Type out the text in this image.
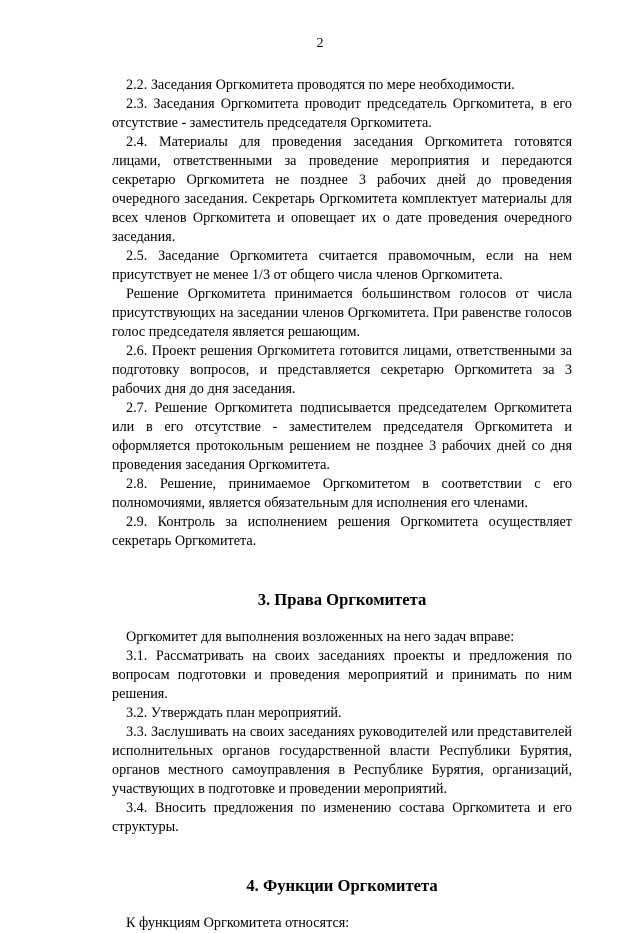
2

2.2. Заседания Оргкомитета проводятся по мере необходимости.

2.3. Заседания Оргкомитета проводит председатель Оргкомитета, в его отсутствие - заместитель председателя Оргкомитета.

2.4. Материалы для проведения заседания Оргкомитета готовятся лицами, ответственными за проведение мероприятия и передаются секретарю Оргкомитета не позднее 3 рабочих дней до проведения очередного заседания. Секретарь Оргкомитета комплектует материалы для всех членов Оргкомитета и оповещает их о дате проведения очередного заседания.

2.5. Заседание Оргкомитета считается правомочным, если на нем присутствует не менее 1/3 от общего числа членов Оргкомитета.

Решение Оргкомитета принимается большинством голосов от числа присутствующих на заседании членов Оргкомитета. При равенстве голосов голос председателя является решающим.

2.6. Проект решения Оргкомитета готовится лицами, ответственными за подготовку вопросов, и представляется секретарю Оргкомитета за 3 рабочих дня до дня заседания.

2.7. Решение Оргкомитета подписывается председателем Оргкомитета или в его отсутствие - заместителем председателя Оргкомитета и оформляется протокольным решением не позднее 3 рабочих дней со дня проведения заседания Оргкомитета.

2.8. Решение, принимаемое Оргкомитетом в соответствии с его полномочиями, является обязательным для исполнения его членами.

2.9. Контроль за исполнением решения Оргкомитета осуществляет секретарь Оргкомитета.

3. Права Оргкомитета

Оргкомитет для выполнения возложенных на него задач вправе:

3.1. Рассматривать на своих заседаниях проекты и предложения по вопросам подготовки и проведения мероприятий и принимать по ним решения.

3.2. Утверждать план мероприятий.

3.3. Заслушивать на своих заседаниях руководителей или представителей исполнительных органов государственной власти Республики Бурятия, органов местного самоуправления в Республике Бурятия, организаций, участвующих в подготовке и проведении мероприятий.

3.4. Вносить предложения по изменению состава Оргкомитета и его структуры.

4. Функции Оргкомитета

К функциям Оргкомитета относятся:
